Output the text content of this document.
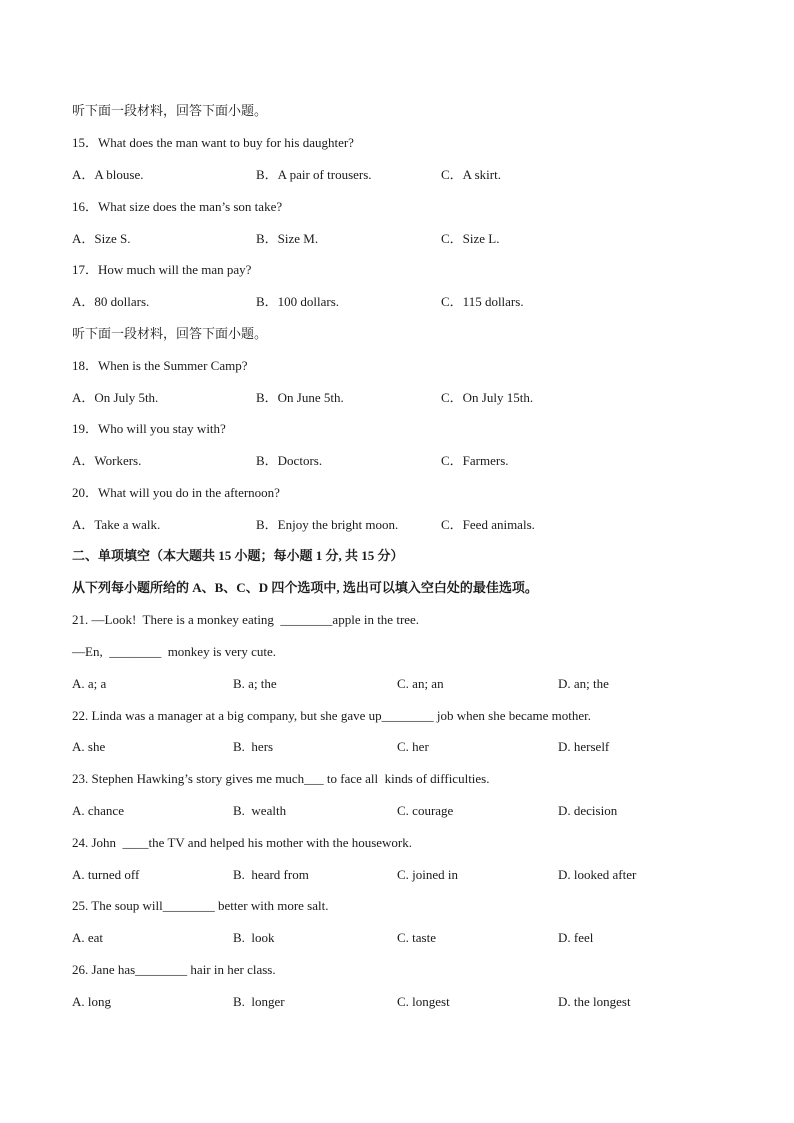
听下面一段材料，回答下面小题。
15．What does the man want to buy for his daughter?
A．A blouse.	B．A pair of trousers.	C．A skirt.
16．What size does the man’s son take?
A．Size S.	B．Size M.	C．Size L.
17．How much will the man pay?
A．80 dollars.	B．100 dollars.	C．115 dollars.
听下面一段材料，回答下面小题。
18．When is the Summer Camp?
A．On July 5th.	B．On June 5th.	C．On July 15th.
19．Who will you stay with?
A．Workers.	B．Doctors.	C．Farmers.
20．What will you do in the afternoon?
A．Take a walk.	B．Enjoy the bright moon.	C．Feed animals.
二、单项填空（本大题共 15 小题；每小题 1 分, 共 15 分）
从下列每小题所给的 A、B、C、D 四个选项中, 选出可以填入空白处的最佳选项。
21. —Look!  There is a monkey eating  ________apple in the tree.
—En,  ________  monkey is very cute.
A. a; a	B. a; the	C. an; an	D. an; the
22. Linda was a manager at a big company, but she gave up________ job when she became mother.
A. she	B.  hers	C. her	D. herself
23. Stephen Hawking’s story gives me much___ to face all  kinds of difficulties.
A. chance	B.  wealth	C. courage	D. decision
24. John  ____the TV and helped his mother with the housework.
A. turned off	B.  heard from	C. joined in	D. looked after
25. The soup will________ better with more salt.
A. eat	B.  look	C. taste	D. feel
26. Jane has________ hair in her class.
A. long	B.  longer	C. longest	D. the longest
